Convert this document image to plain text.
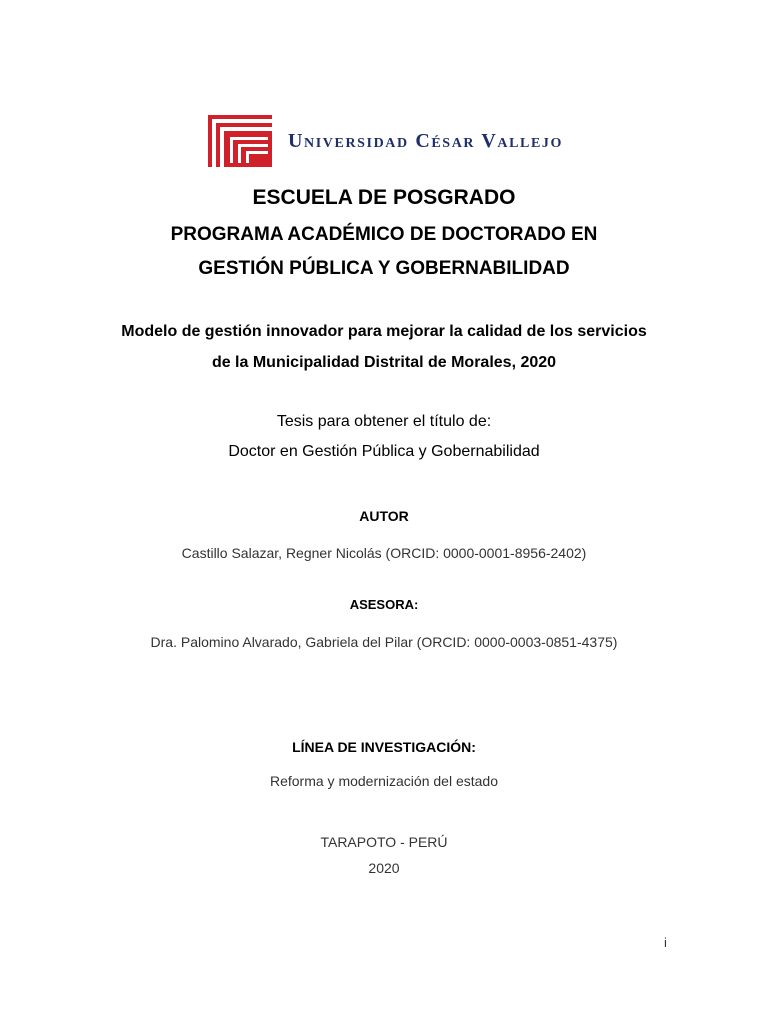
Universidad César Vallejo
ESCUELA DE POSGRADO
PROGRAMA ACADÉMICO DE DOCTORADO EN
GESTIÓN PÚBLICA Y GOBERNABILIDAD
Modelo de gestión innovador para mejorar la calidad de los servicios
de la Municipalidad Distrital de Morales, 2020
Tesis para obtener el título de:
Doctor en Gestión Pública y Gobernabilidad
AUTOR
Castillo Salazar, Regner Nicolás (ORCID: 0000-0001-8956-2402)
ASESORA:
Dra. Palomino Alvarado, Gabriela del Pilar (ORCID: 0000-0003-0851-4375)
LÍNEA DE INVESTIGACIÓN:
Reforma y modernización del estado
TARAPOTO - PERÚ
2020
i
